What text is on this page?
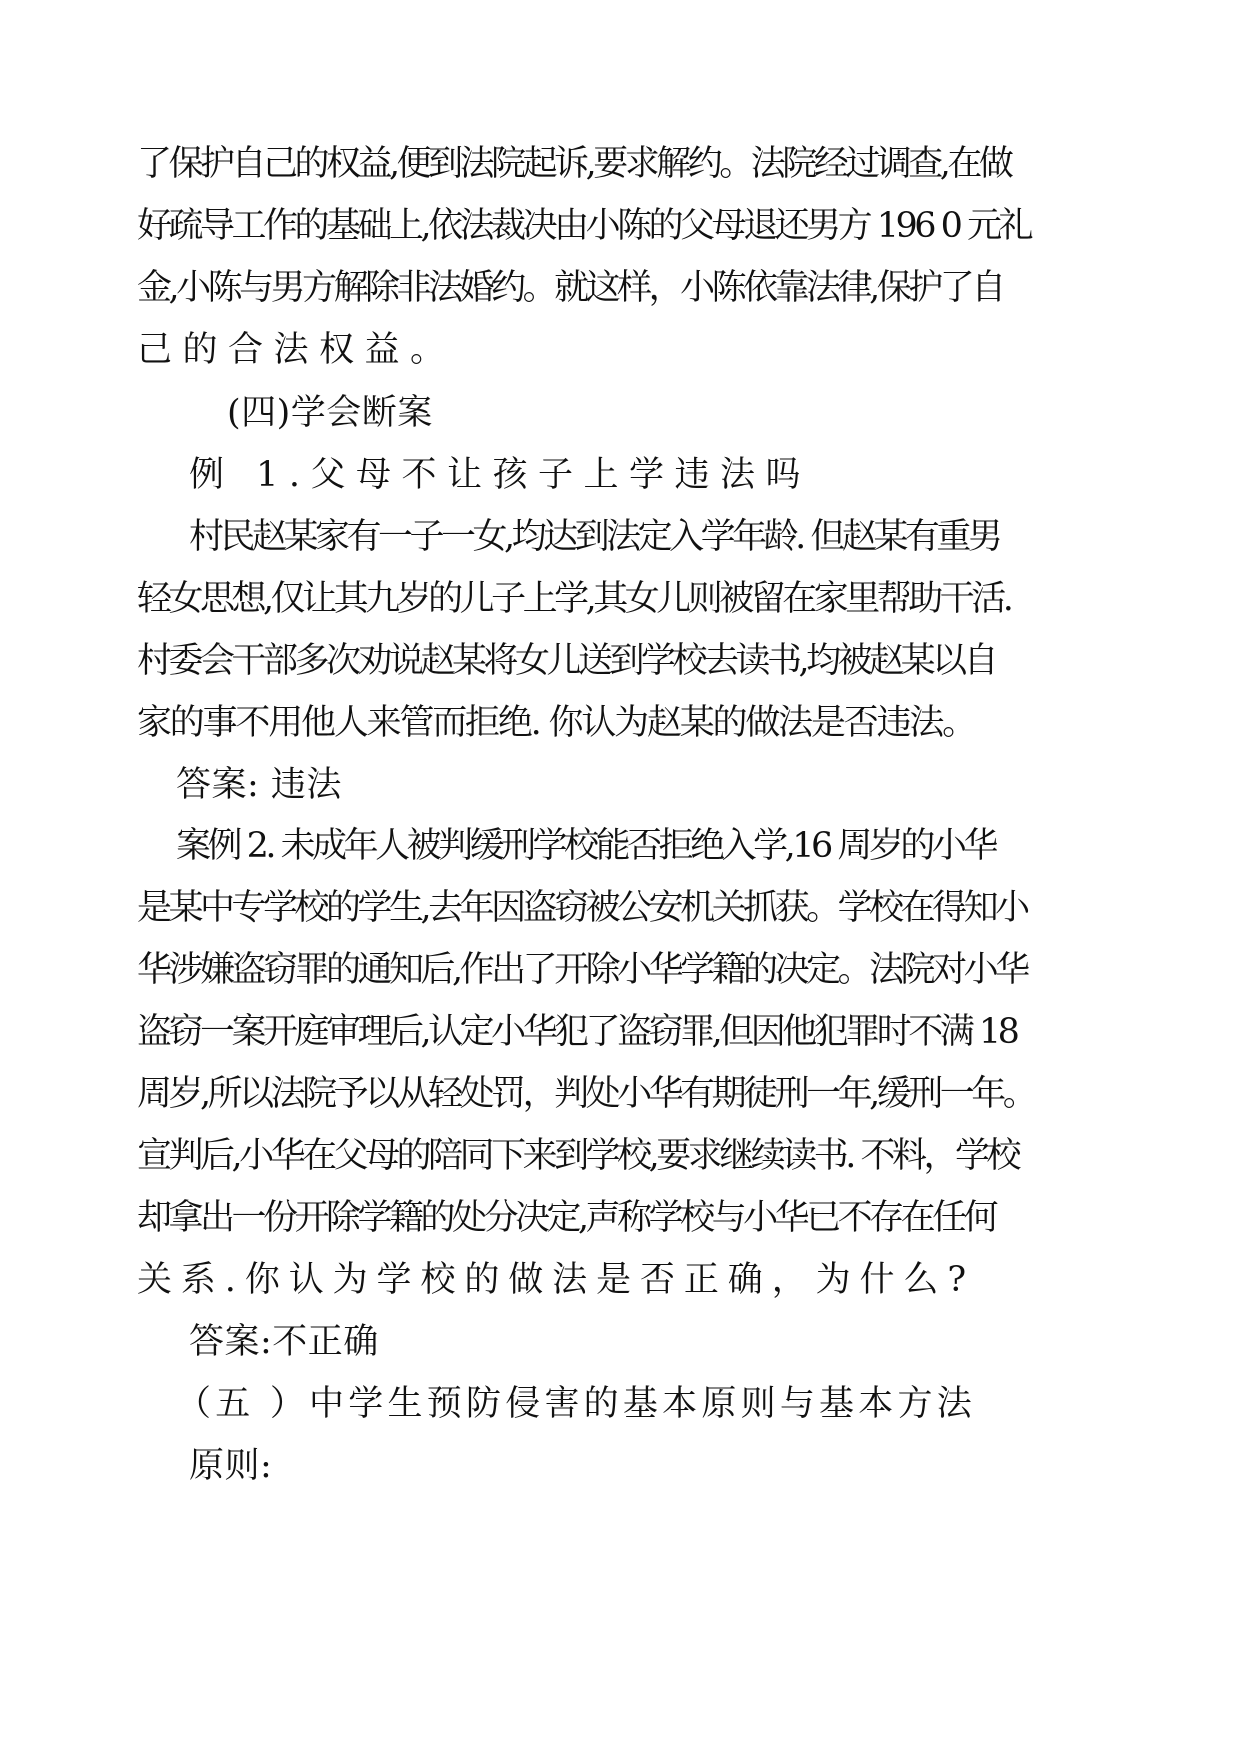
了保护自己的权益,便到法院起诉,要求解约。法院经过调查,在做
好疏导工作的基础上,依法裁决由小陈的父母退还男方 196 0 元礼
金,小陈与男方解除非法婚约。就这样，小陈依靠法律,保护了自
己的合法权益。
(四)学会断案
例 1.父母不让孩子上学违法吗
村民赵某家有一子一女,均达到法定入学年龄. 但赵某有重男
轻女思想,仅让其九岁的儿子上学,其女儿则被留在家里帮助干活.
村委会干部多次劝说赵某将女儿送到学校去读书,均被赵某以自
家的事不用他人来管而拒绝. 你认为赵某的做法是否违法。
答案: 违法
案例 2. 未成年人被判缓刑学校能否拒绝入学,16 周岁的小华
是某中专学校的学生,去年因盗窃被公安机关抓获。学校在得知小
华涉嫌盗窃罪的通知后,作出了开除小华学籍的决定。法院对小华
盗窃一案开庭审理后,认定小华犯了盗窃罪,但因他犯罪时不满 18
周岁,所以法院予以从轻处罚，判处小华有期徒刑一年,缓刑一年。
宣判后,小华在父母的陪同下来到学校,要求继续读书. 不料，学校
却拿出一份开除学籍的处分决定,声称学校与小华已不存在任何
关系.你认为学校的做法是否正确，为什么?
答案:不正确
（五 ）中学生预防侵害的基本原则与基本方法
原则:
